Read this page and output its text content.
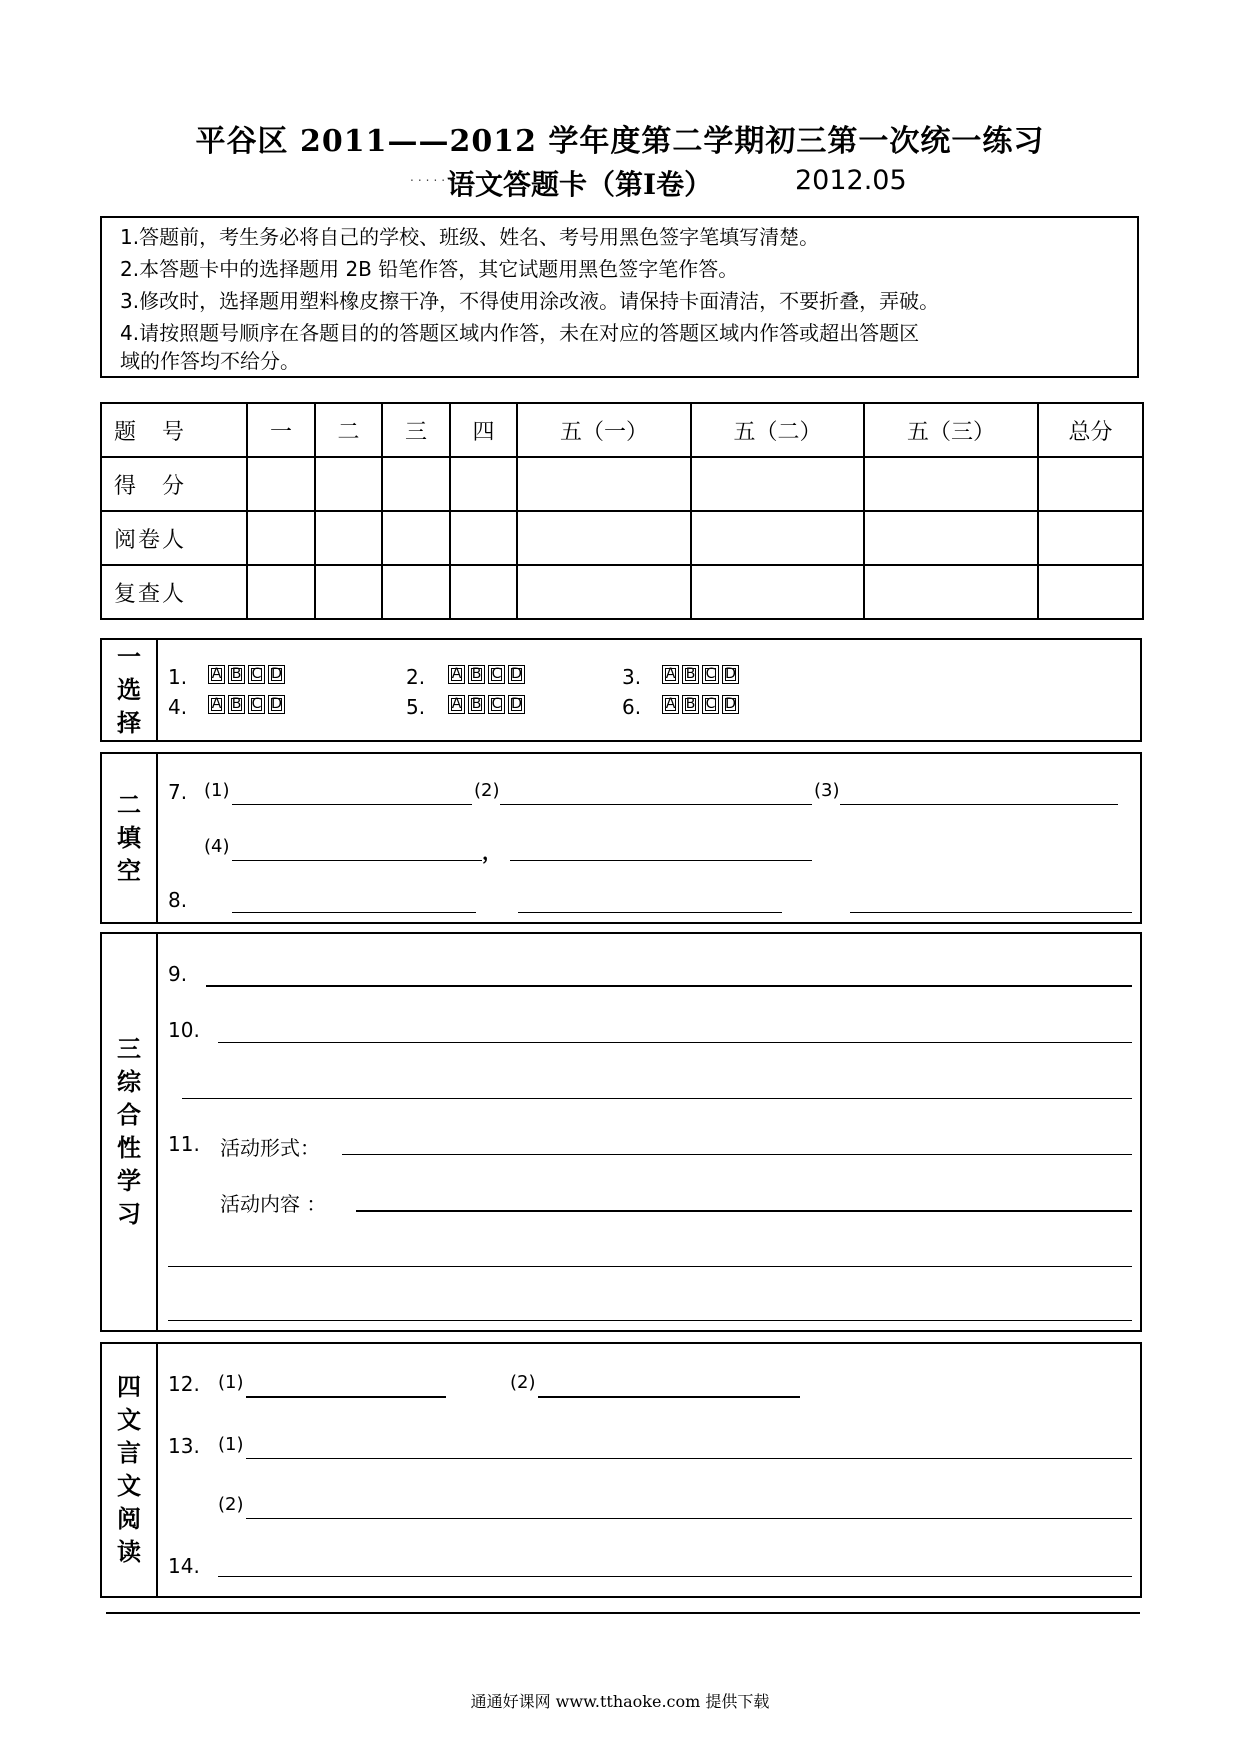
平谷区 2011——2012 学年度第二学期初三第一次统一练习
......
语文答题卡（第Ⅰ卷）	2012.05
1.答题前，考生务必将自己的学校、班级、姓名、考号用黑色签字笔填写清楚。
2.本答题卡中的选择题用 2B 铅笔作答，其它试题用黑色签字笔作答。
3.修改时，选择题用塑料橡皮擦干净，不得使用涂改液。请保持卡面清洁，不要折叠，弄破。
4.请按照题号顺序在各题目的的答题区域内作答，未在对应的答题区域内作答或超出答题区
域的作答均不给分。
题　号	一	二	三	四	五（一）	五（二）	五（三）	总分
得　分								
阅卷人								
复查人								
一
选
择
1. A B C D	2. A B C D	3. A B C D
4. A B C D	5. A B C D	6. A B C D
二
填
空
7. (1)	(2)	(3)
(4)	，
8.
三
综
合
性
学
习
9.
10.
11. 活动形式：
活动内容 ：
四
文
言
文
阅
读
12. (1)	(2)
13. (1)
(2)
14.
通通好课网 www.tthaoke.com 提供下载
